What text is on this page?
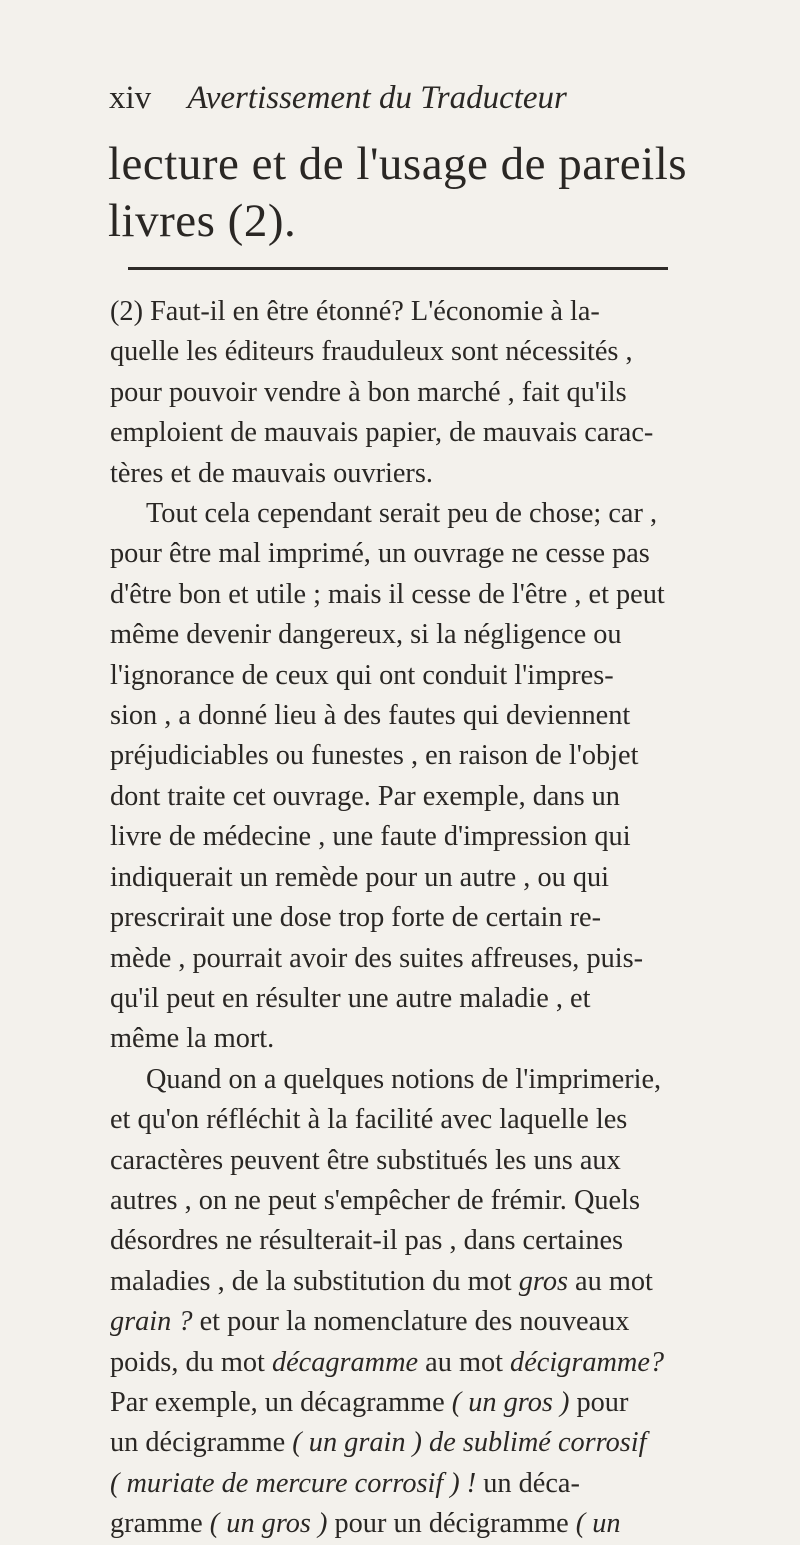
xiv Avertissement du Traducteur
lecture et de l'usage de pareils
livres (2).
(2) Faut-il en être étonné? L'économie à la-
quelle les éditeurs frauduleux sont nécessités ,
pour pouvoir vendre à bon marché , fait qu'ils
emploient de mauvais papier, de mauvais carac-
tères et de mauvais ouvriers.
Tout cela cependant serait peu de chose; car ,
pour être mal imprimé, un ouvrage ne cesse pas
d'être bon et utile ; mais il cesse de l'être , et peut
même devenir dangereux, si la négligence ou
l'ignorance de ceux qui ont conduit l'impres-
sion , a donné lieu à des fautes qui deviennent
préjudiciables ou funestes , en raison de l'objet
dont traite cet ouvrage. Par exemple, dans un
livre de médecine , une faute d'impression qui
indiquerait un remède pour un autre , ou qui
prescrirait une dose trop forte de certain re-
mède , pourrait avoir des suites affreuses, puis-
qu'il peut en résulter une autre maladie , et
même la mort.
Quand on a quelques notions de l'imprimerie,
et qu'on réfléchit à la facilité avec laquelle les
caractères peuvent être substitués les uns aux
autres , on ne peut s'empêcher de frémir. Quels
désordres ne résulterait-il pas , dans certaines
maladies , de la substitution du mot gros au mot
grain ? et pour la nomenclature des nouveaux
poids, du mot décagramme au mot décigramme?
Par exemple, un décagramme ( un gros ) pour
un décigramme ( un grain ) de sublimé corrosif
( muriate de mercure corrosif ) ! un déca-
gramme ( un gros ) pour un décigramme ( un
